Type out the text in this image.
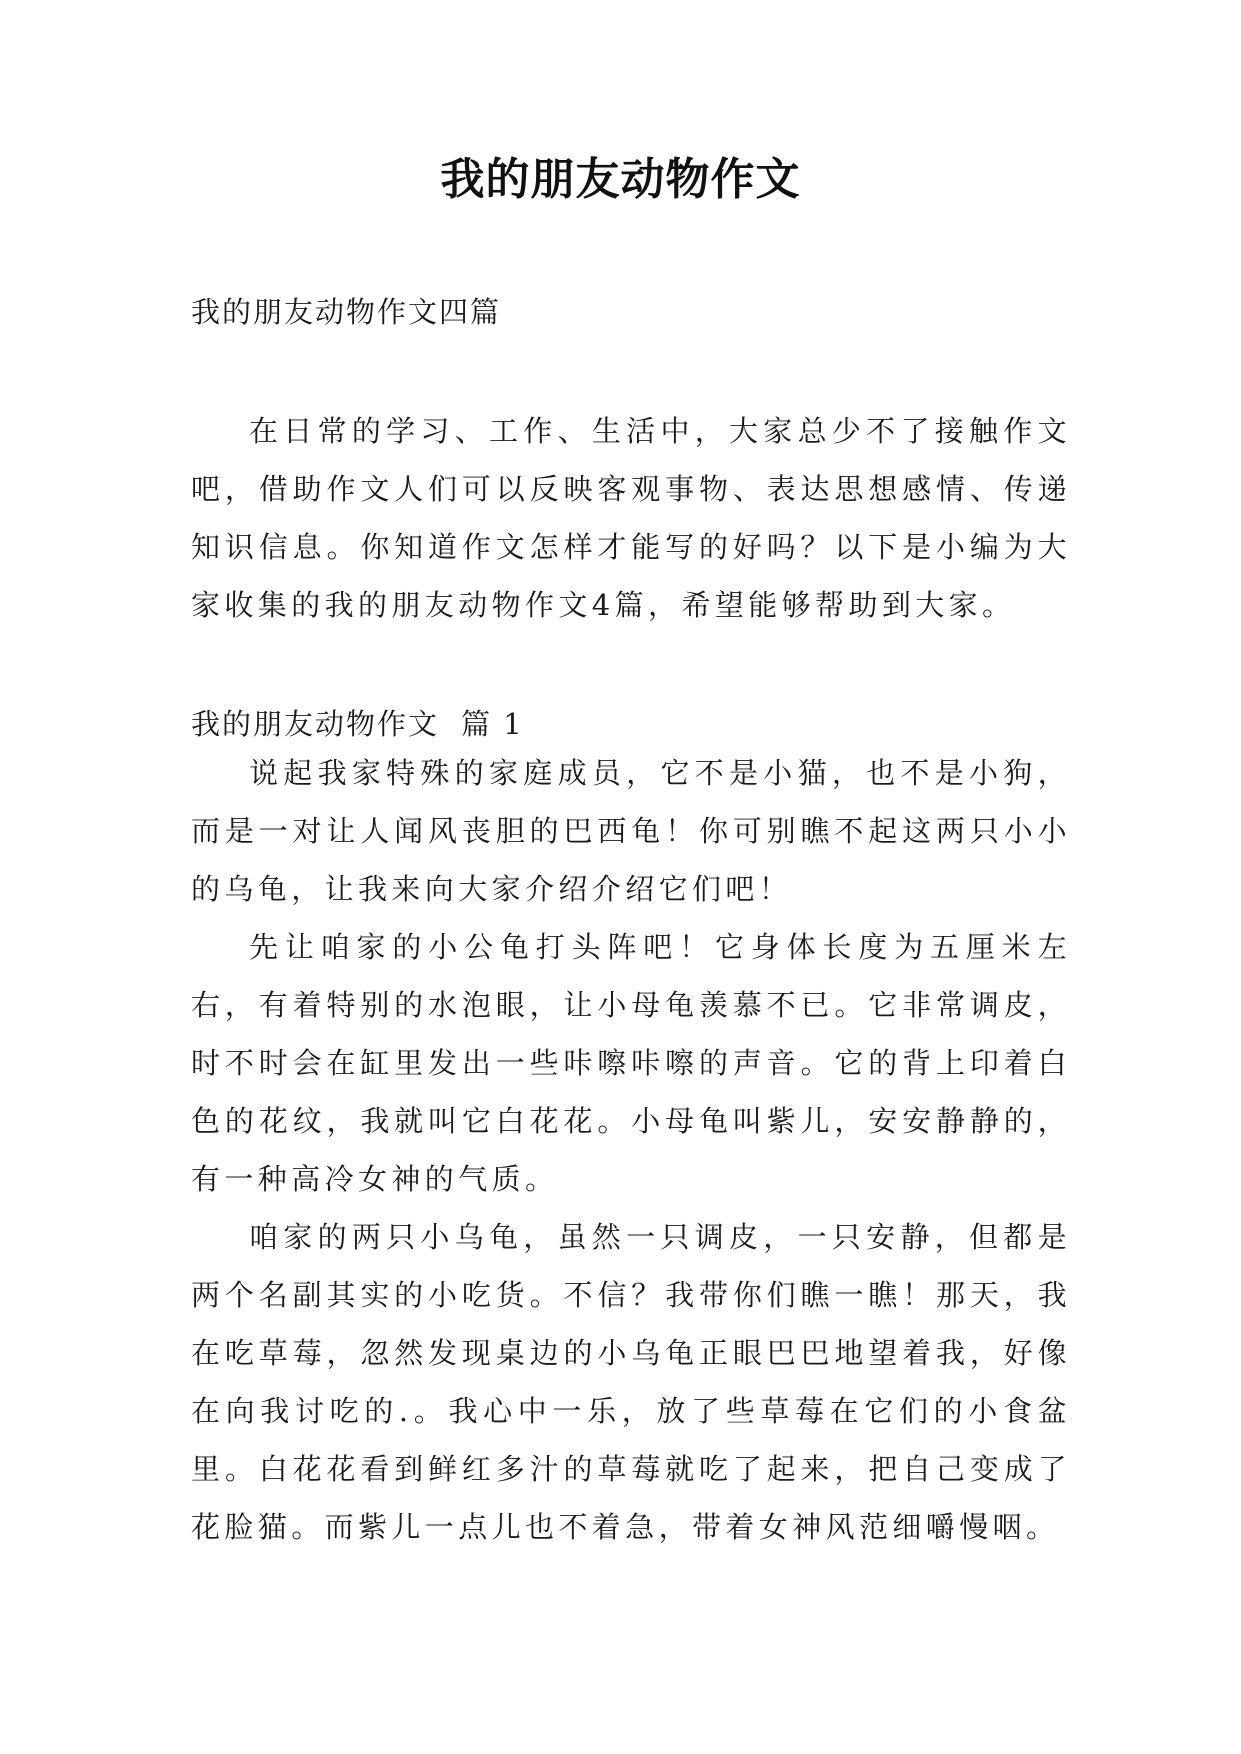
我的朋友动物作文
我的朋友动物作文四篇

在日常的学习、工作、生活中，大家总少不了接触作文吧，借助作文人们可以反映客观事物、表达思想感情、传递知识信息。你知道作文怎样才能写的好吗？以下是小编为大家收集的我的朋友动物作文4篇，希望能够帮助到大家。

我的朋友动物作文 篇 1

说起我家特殊的家庭成员，它不是小猫，也不是小狗，而是一对让人闻风丧胆的巴西龟！你可别瞧不起这两只小小的乌龟，让我来向大家介绍介绍它们吧！

先让咱家的小公龟打头阵吧！它身体长度为五厘米左右，有着特别的水泡眼，让小母龟羡慕不已。它非常调皮，时不时会在缸里发出一些咔嚓咔嚓的声音。它的背上印着白色的花纹，我就叫它白花花。小母龟叫紫儿，安安静静的，有一种高冷女神的气质。

咱家的两只小乌龟，虽然一只调皮，一只安静，但都是两个名副其实的小吃货。不信？我带你们瞧一瞧！那天，我在吃草莓，忽然发现桌边的小乌龟正眼巴巴地望着我，好像在向我讨吃的.。我心中一乐，放了些草莓在它们的小食盆里。白花花看到鲜红多汁的草莓就吃了起来，把自己变成了花脸猫。而紫儿一点儿也不着急，带着女神风范细嚼慢咽。
